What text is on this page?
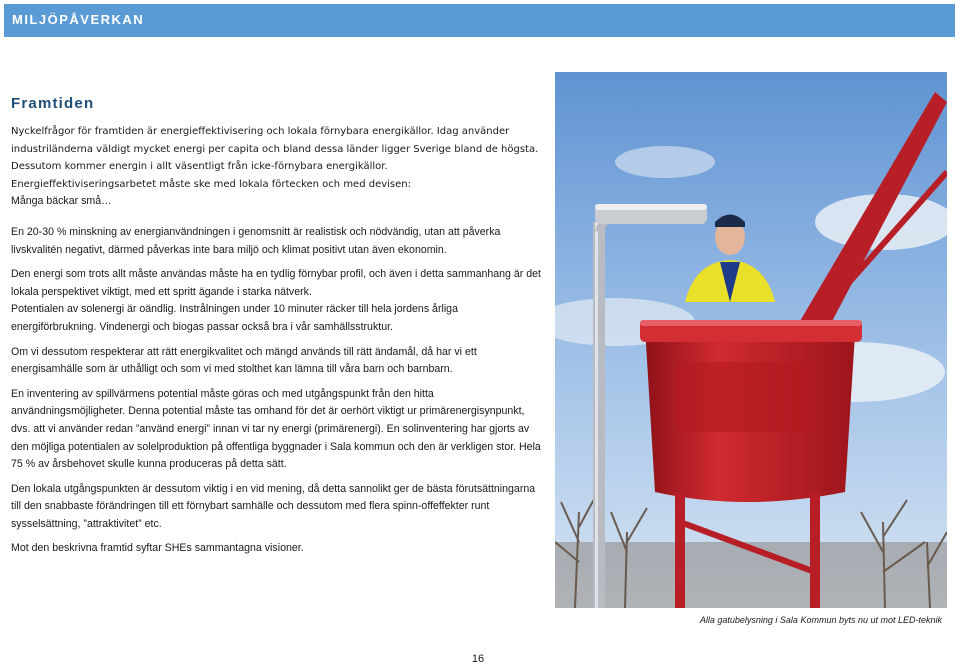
MILJÖPÅVERKAN
Framtiden

Nyckelfrågor för framtiden är energieffektivisering och lokala förnybara energikällor. Idag använder industriländerna väldigt mycket energi per capita och bland dessa länder ligger Sverige bland de högsta. Dessutom kommer energin i allt väsentligt från icke-förnybara energikällor.

Energieffektiviseringsarbetet måste ske med lokala förtecken och med devisen:

Många bäckar små…

En 20-30 % minskning av energianvändningen i genomsnitt är realistisk och nödvändig, utan att påverka livskvalitén negativt, därmed påverkas inte bara miljö och klimat positivt utan även ekonomin.

Den energi som trots allt måste användas måste ha en tydlig förnybar profil, och även i detta sammanhang är det lokala perspektivet viktigt, med ett spritt ägande i starka nätverk.

Potentialen av solenergi är oändlig. Instrålningen under 10 minuter räcker till hela jordens årliga energiförbrukning. Vindenergi och biogas passar också bra i vår samhällsstruktur.

Om vi dessutom respekterar att rätt energikvalitet och mängd används till rätt ändamål, då har vi ett energisamhälle som är uthålligt och som vi med stolthet kan lämna till våra barn och barnbarn.

En inventering av spillvärmens potential måste göras och med utgångspunkt från den hitta användningsmöjligheter. Denna potential måste tas omhand för det är oerhört viktigt ur primärenergisynpunkt, dvs. att vi använder redan ”använd energi” innan vi tar ny energi (primärenergi). En solinventering har gjorts av den möjliga potentialen av solelproduktion på offentliga byggnader i Sala kommun och den är verkligen stor. Hela 75 % av årsbehovet skulle kunna produceras på detta sätt.

Den lokala utgångspunkten är dessutom viktig i en vid mening, då detta sannolikt ger de bästa förutsättningarna till den snabbaste förändringen till ett förnybart samhälle och dessutom med flera spinn-offeffekter runt sysselsättning, ”attraktivitet” etc.

Mot den beskrivna framtid syftar SHEs sammantagna visioner.

Alla gatubelysning i Sala Kommun byts nu ut mot LED-teknik
16
